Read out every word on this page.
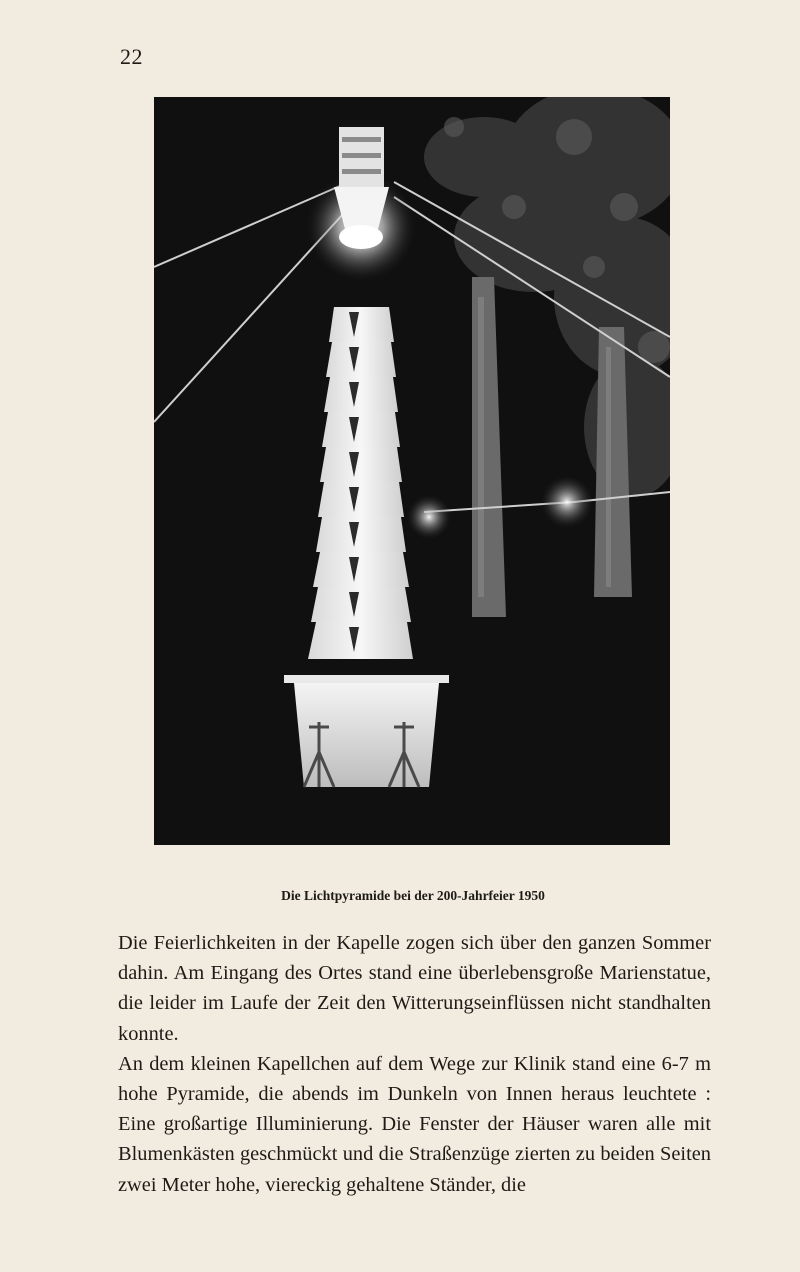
22
Die Lichtpyramide bei der 200-Jahrfeier 1950

Die Feierlichkeiten in der Kapelle zogen sich über den ganzen Sommer dahin. Am Eingang des Ortes stand eine überlebensgroße Marienstatue, die leider im Laufe der Zeit den Witterungseinflüssen nicht standhalten konnte.

An dem kleinen Kapellchen auf dem Wege zur Klinik stand eine 6-7 m hohe Pyramide, die abends im Dunkeln von Innen heraus leuchtete : Eine großartige Illuminierung. Die Fenster der Häuser waren alle mit Blumenkästen geschmückt und die Straßenzüge zierten zu beiden Seiten zwei Meter hohe, viereckig gehaltene Ständer, die
